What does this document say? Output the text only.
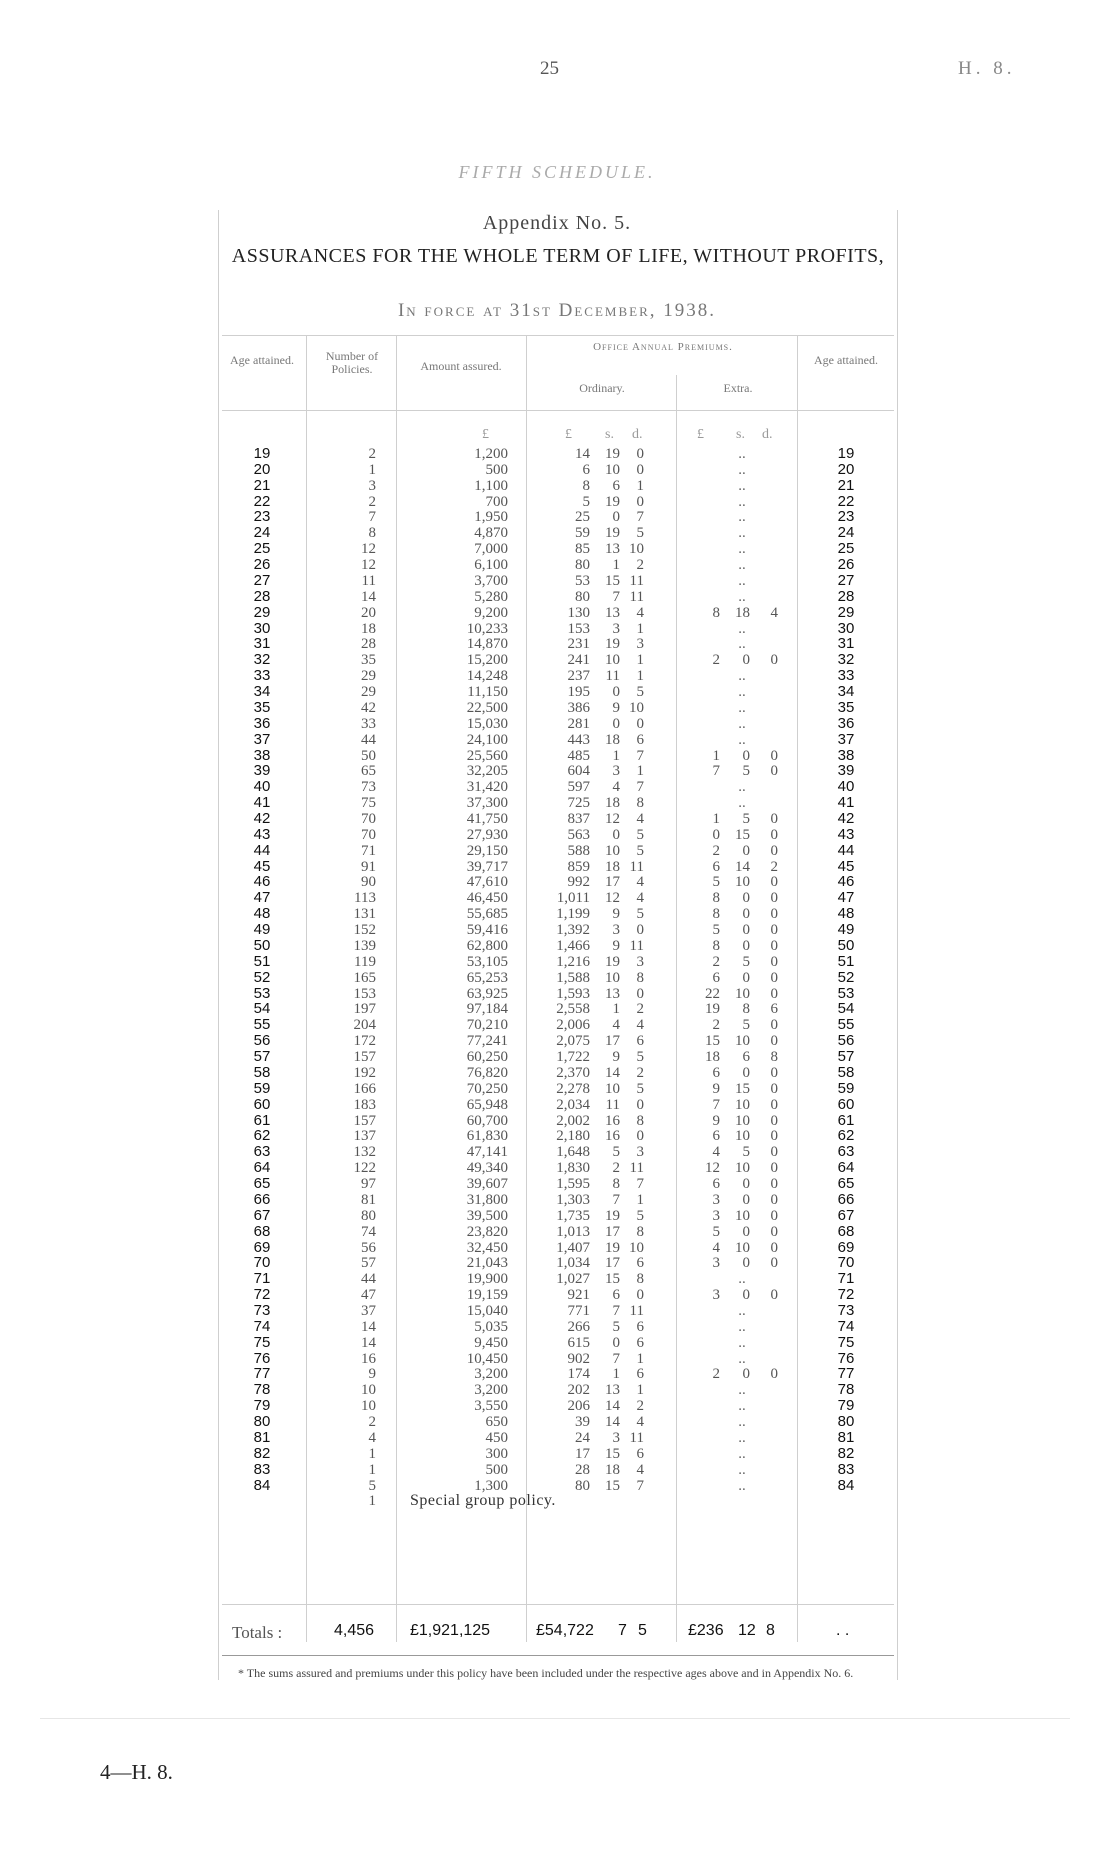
25	H. 8.
FIFTH SCHEDULE.
Appendix No. 5.
ASSURANCES FOR THE WHOLE TERM OF LIFE, WITHOUT PROFITS,
In force at 31st December, 1938.
Age attained.	Number of Policies.	Amount assured.
Office Annual Premiums.
Ordinary.	Extra.
Age attained.
£	£ s. d.	£ s. d.
19	2	1,200	14	19	0	..	19
20	1	500	6	10	0	..	20
21	3	1,100	8	6	1	..	21
22	2	700	5	19	0	..	22
23	7	1,950	25	0	7	..	23
24	8	4,870	59	19	5	..	24
25	12	7,000	85	13 10	..	25
26	12	6,100	80	1	2	..	26
27	11	3,700	53	15 11	..	27
28	14	5,280	80	7 11	..	28
29	20	9,200	130	13	4	8	18	4	29
30	18	10,233	153	3	1	..	30
31	28	14,870	231	19	3	..	31
32	35	15,200	241	10	1	2	0	0	32
33	29	14,248	237	11	1	..	33
34	29	11,150	195	0	5	..	34
35	42	22,500	386	9 10	..	35
36	33	15,030	281	0	0	..	36
37	44	24,100	443	18	6	..	37
38	50	25,560	485	1	7	1	0	0	38
39	65	32,205	604	3	1	7	5	0	39
40	73	31,420	597	4	7	..	40
41	75	37,300	725	18	8	..	41
42	70	41,750	837	12	4	1	5	0	42
43	70	27,930	563	0	5	0	15	0	43
44	71	29,150	588	10	5	2	0	0	44
45	91	39,717	859	18 11	6	14	2	45
46	90	47,610	992	17	4	5	10	0	46
47	113	46,450	1,011	12	4	8	0	0	47
48	131	55,685	1,199	9	5	8	0	0	48
49	152	59,416	1,392	3	0	5	0	0	49
50	139	62,800	1,466	9 11	8	0	0	50
51	119	53,105	1,216	19	3	2	5	0	51
52	165	65,253	1,588	10	8	6	0	0	52
53	153	63,925	1,593	13	0	22	10	0	53
54	197	97,184	2,558	1	2	19	8	6	54
55	204	70,210	2,006	4	4	2	5	0	55
56	172	77,241	2,075	17	6	15	10	0	56
57	157	60,250	1,722	9	5	18	6	8	57
58	192	76,820	2,370	14	2	6	0	0	58
59	166	70,250	2,278	10	5	9	15	0	59
60	183	65,948	2,034	11	0	7	10	0	60
61	157	60,700	2,002	16	8	9	10	0	61
62	137	61,830	2,180	16	0	6	10	0	62
63	132	47,141	1,648	5	3	4	5	0	63
64	122	49,340	1,830	2 11	12	10	0	64
65	97	39,607	1,595	8	7	6	0	0	65
66	81	31,800	1,303	7	1	3	0	0	66
67	80	39,500	1,735	19	5	3	10	0	67
68	74	23,820	1,013	17	8	5	0	0	68
69	56	32,450	1,407	19 10	4	10	0	69
70	57	21,043	1,034	17	6	3	0	0	70
71	44	19,900	1,027	15	8	..	71
72	47	19,159	921	6	0	3	0	0	72
73	37	15,040	771	7 11	..	73
74	14	5,035	266	5	6	..	74
75	14	9,450	615	0	6	..	75
76	16	10,450	902	7	1	..	76
77	9	3,200	174	1	6	2	0	0	77
78	10	3,200	202	13	1	..	78
79	10	3,550	206	14	2	..	79
80	2	650	39	14	4	..	80
81	4	450	24	3 11	..	81
82	1	300	17	15	6	..	82
83	1	500	28	18	4	..	83
84	5	1,300	80	15	7	..	84
1 Special group policy.
Totals :	4,456 £1,921,125	£54,722 7 5	£236 12 8	. .
* The sums assured and premiums under this policy have been included under the respective ages above and in Appendix No. 6.
4—H. 8.
